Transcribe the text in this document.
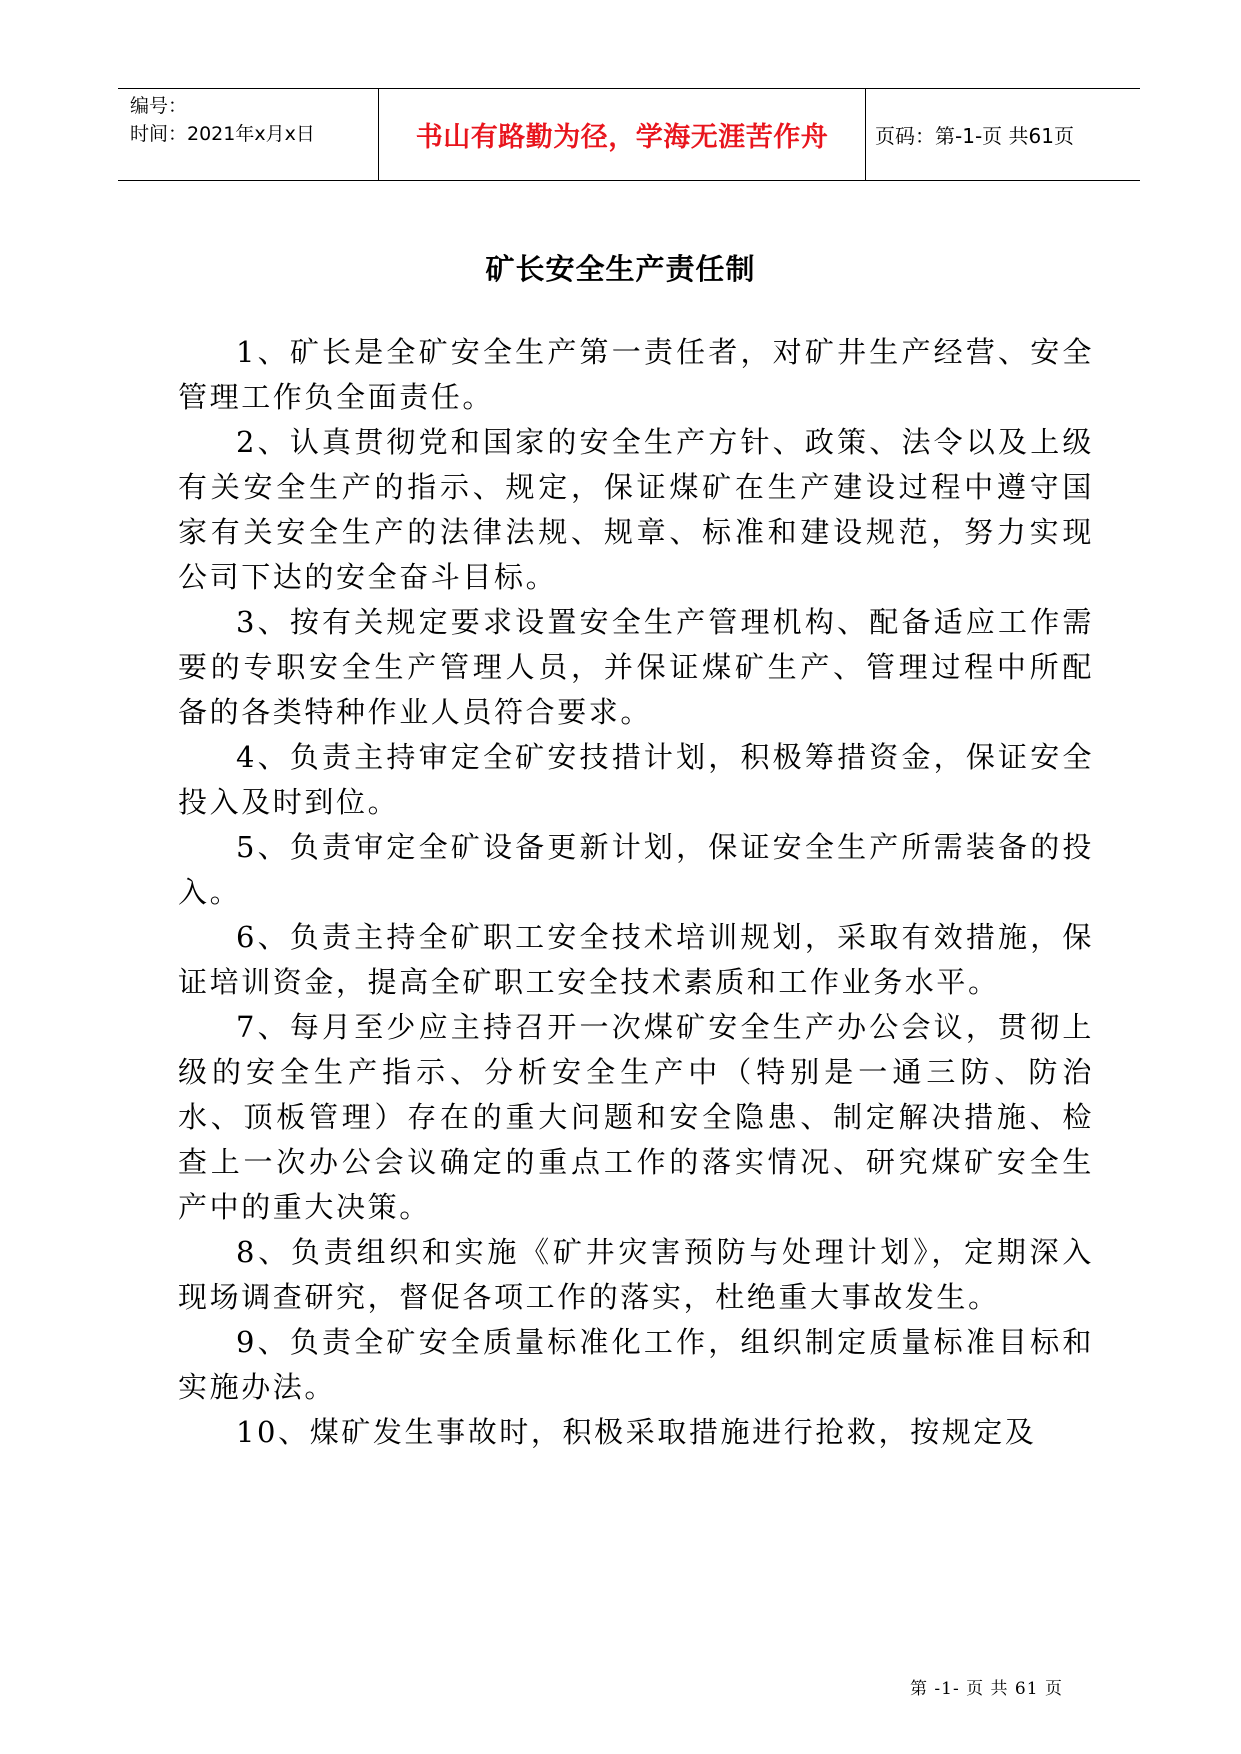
编号：
时间：2021年x月x日	书山有路勤为径，学海无涯苦作舟 页码：第-1-页 共61页
矿长安全生产责任制

1、矿长是全矿安全生产第一责任者，对矿井生产经营、安全管理工作负全面责任。

2、认真贯彻党和国家的安全生产方针、政策、法令以及上级有关安全生产的指示、规定，保证煤矿在生产建设过程中遵守国家有关安全生产的法律法规、规章、标准和建设规范，努力实现公司下达的安全奋斗目标。

3、按有关规定要求设置安全生产管理机构、配备适应工作需要的专职安全生产管理人员，并保证煤矿生产、管理过程中所配备的各类特种作业人员符合要求。

4、负责主持审定全矿安技措计划，积极筹措资金，保证安全投入及时到位。

5、负责审定全矿设备更新计划，保证安全生产所需装备的投入。

6、负责主持全矿职工安全技术培训规划，采取有效措施，保证培训资金，提高全矿职工安全技术素质和工作业务水平。

7、每月至少应主持召开一次煤矿安全生产办公会议，贯彻上级的安全生产指示、分析安全生产中（特别是一通三防、防治水、顶板管理）存在的重大问题和安全隐患、制定解决措施、检查上一次办公会议确定的重点工作的落实情况、研究煤矿安全生产中的重大决策。

8、负责组织和实施《矿井灾害预防与处理计划》，定期深入现场调查研究，督促各项工作的落实，杜绝重大事故发生。

9、负责全矿安全质量标准化工作，组织制定质量标准目标和实施办法。

10、煤矿发生事故时，积极采取措施进行抢救，按规定及

第 -1- 页 共 61 页
